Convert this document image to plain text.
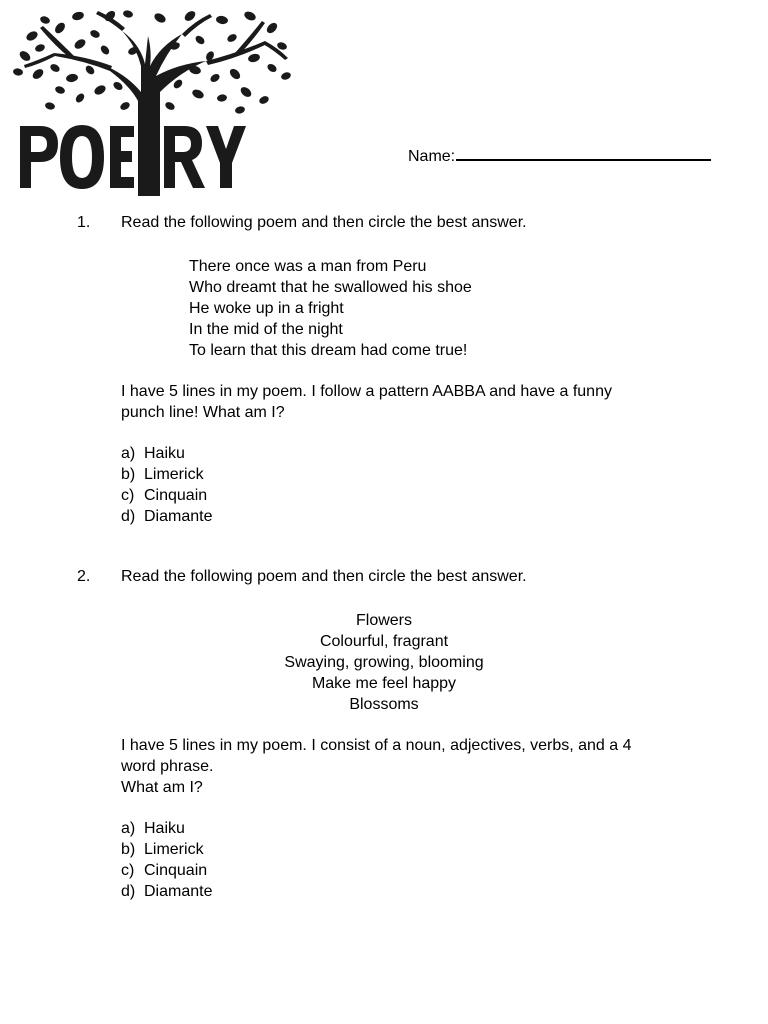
Name:
1. Read the following poem and then circle the best answer.
There once was a man from Peru
Who dreamt that he swallowed his shoe
He woke up in a fright
In the mid of the night
To learn that this dream had come true!
I have 5 lines in my poem. I follow a pattern AABBA and have a funny
punch line! What am I?
a) Haiku
b) Limerick
c) Cinquain
d) Diamante
2. Read the following poem and then circle the best answer.
Flowers
Colourful, fragrant
Swaying, growing, blooming
Make me feel happy
Blossoms
I have 5 lines in my poem. I consist of a noun, adjectives, verbs, and a 4
word phrase.
What am I?
a) Haiku
b) Limerick
c) Cinquain
d) Diamante
